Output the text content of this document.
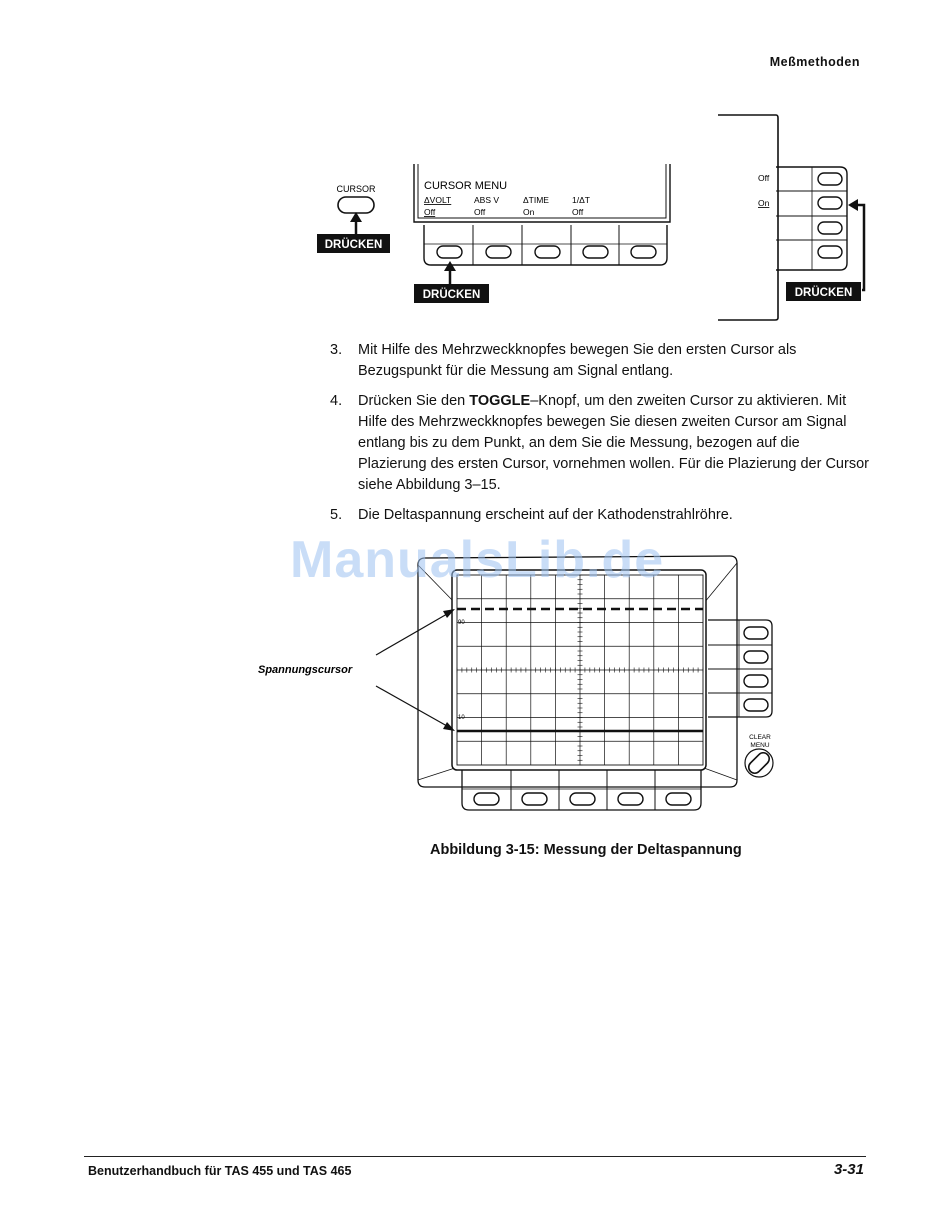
Meßmethoden
CURSOR
DRÜCKEN
CURSOR MENU
ΔVOLT
Off
ABS V
Off
ΔTIME
On
1/ΔT
Off
DRÜCKEN
Off
On
DRÜCKEN
3.	Mit Hilfe des Mehrzweckknopfes bewegen Sie den ersten Cursor als Bezugspunkt für die Messung am Signal entlang.
4.	Drücken Sie den TOGGLE–Knopf, um den zweiten Cursor zu aktivieren. Mit Hilfe des Mehrzweckknopfes bewegen Sie diesen zweiten Cursor am Signal entlang bis zu dem Punkt, an dem Sie die Messung, bezogen auf die Plazierung des ersten Cursor, vornehmen wollen. Für die Plazierung der Cursor siehe Abbildung 3–15.
5.	Die Deltaspannung erscheint auf der Kathodenstrahlröhre.
90
10
CLEAR
MENU
Spannungscursor
ManualsLib.de
Abbildung 3-15: Messung der Deltaspannung
Benutzerhandbuch für TAS 455 und TAS 465	3-31
